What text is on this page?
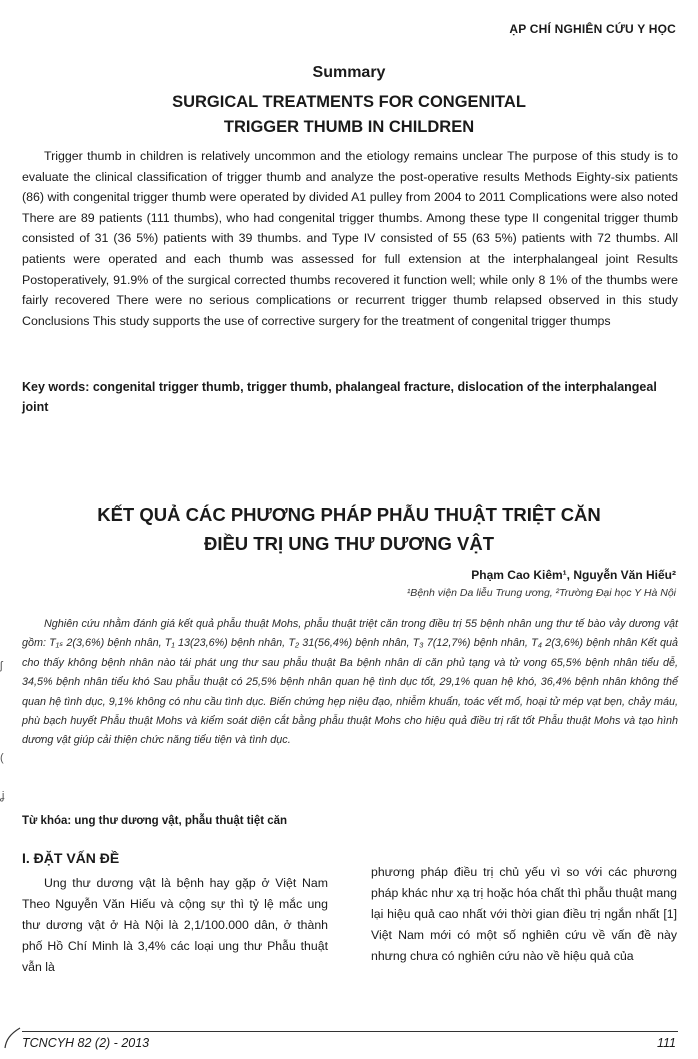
ẠP CHÍ NGHIÊN CỨU Y HỌC
Summary
SURGICAL TREATMENTS FOR CONGENITAL
TRIGGER THUMB IN CHILDREN

Trigger thumb in children is relatively uncommon and the etiology remains unclear The purpose of this study is to evaluate the clinical classification of trigger thumb and analyze the post-operative results Methods Eighty-six patients (86) with congenital trigger thumb were operated by divided A1 pulley from 2004 to 2011 Complications were also noted There are 89 patients (111 thumbs), who had congenital trigger thumbs. Among these type II congenital trigger thumb consisted of 31 (36 5%) patients with 39 thumbs. and Type IV consisted of 55 (63 5%) patients with 72 thumbs. All patients were operated and each thumb was assessed for full extension at the interphalangeal joint Results Postoperatively, 91.9% of the surgical corrected thumbs recovered it function well; while only 8 1% of the thumbs were fairly recovered There were no serious complications or recurrent trigger thumb relapsed observed in this study Conclusions This study supports the use of corrective surgery for the treatment of congenital trigger thumps

Key words: congenital trigger thumb, trigger thumb, phalangeal fracture, dislocation of the interphalangeal joint

KẾT QUẢ CÁC PHƯƠNG PHÁP PHẪU THUẬT TRIỆT CĂN
ĐIỀU TRỊ UNG THƯ DƯƠNG VẬT
Phạm Cao Kiêm¹, Nguyễn Văn Hiếu²
¹Bệnh viện Da liễu Trung ương, ²Trường Đại học Y Hà Nội

Nghiên cứu nhằm đánh giá kết quả phẫu thuật Mohs, phẫu thuật triệt căn trong điều trị 55 bệnh nhân ung thư tế bào vảy dương vật gồm: T₁ₛ 2(3,6%) bệnh nhân, T₁ 13(23,6%) bệnh nhân, T₂ 31(56,4%) bệnh nhân, T₃ 7(12,7%) bệnh nhân, T₄ 2(3,6%) bệnh nhân Kết quả cho thấy không bệnh nhân nào tái phát ung thư sau phẫu thuật Ba bệnh nhân di căn phủ tạng và tử vong 65,5% bệnh nhân tiểu dễ, 34,5% bệnh nhân tiểu khó Sau phẫu thuật có 25,5% bệnh nhân quan hệ tình dục tốt, 29,1% quan hệ khó, 36,4% bệnh nhân không thể quan hệ tình dục, 9,1% không có nhu cầu tình dục. Biến chứng hẹp niệu đạo, nhiễm khuẩn, toác vết mổ, hoại tử mép vạt bẹn, chảy máu, phù bạch huyết Phẫu thuật Mohs và kiểm soát diện cắt bằng phẫu thuật Mohs cho hiệu quả điều trị rất tốt Phẫu thuật Mohs và tạo hình dương vật giúp cải thiện chức năng tiểu tiện và tình dục.

Từ khóa: ung thư dương vật, phẫu thuật tiệt căn
I. ĐẶT VẤN ĐỀ

Ung thư dương vật là bệnh hay gặp ở Việt Nam Theo Nguyễn Văn Hiếu và cộng sự thì tỷ lệ mắc ung thư dương vật ở Hà Nội là 2,1/100.000 dân, ở thành phố Hồ Chí Minh là 3,4% các loại ung thư Phẫu thuật vẫn là

phương pháp điều trị chủ yếu vì so với các phương pháp khác như xạ trị hoặc hóa chất thì phẫu thuật mang lại hiệu quả cao nhất với thời gian điều trị ngắn nhất [1] Việt Nam mới có một số nghiên cứu về vấn đề này nhưng chưa có nghiên cứu nào về hiệu quả của

ʃ
(
ʝ
TCNCYH 82 (2) - 2013	111
